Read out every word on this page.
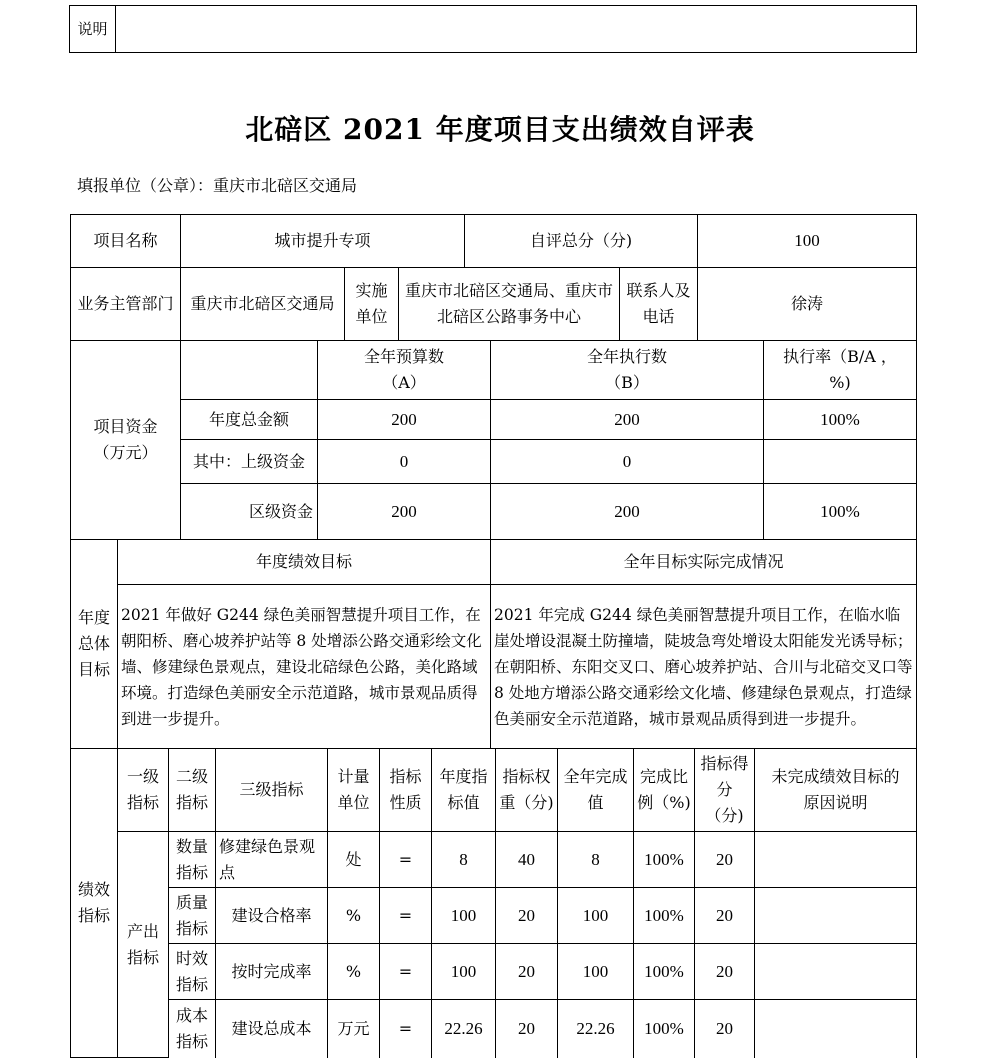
说明	
北碚区 2021 年度项目支出绩效自评表
填报单位（公章）：重庆市北碚区交通局
项目名称	城市提升专项			自评总分（分)		100
业务主管部门	重庆市北碚区交通局	实施单位	重庆市北碚区交通局、重庆市北碚区公路事务中心		联系人及电话	徐涛
项目资金（万元）		全年预算数（A）	全年执行数（B）	执行率（B/A ， %)
	年度总金额	200	200	100%
	其中：上级资金	0	0	
	区级资金	200	200	100%
年度总体目标	年度绩效目标	全年目标实际完成情况
	2021 年做好 G244 绿色美丽智慧提升项目工作，在朝阳桥、磨心坡养护站等 8 处增添公路交通彩绘文化墙、修建绿色景观点，建设北碚绿色公路，美化路域环境。打造绿色美丽安全示范道路，城市景观品质得到进一步提升。	2021 年完成 G244 绿色美丽智慧提升项目工作，在临水临崖处增设混凝土防撞墙，陡坡急弯处增设太阳能发光诱导标；在朝阳桥、东阳交叉口、磨心坡养护站、合川与北碚交叉口等 8 处地方增添公路交通彩绘文化墙、修建绿色景观点，打造绿色美丽安全示范道路，城市景观品质得到进一步提升。
绩效指标	一级指标	二级指标	三级指标	计量单位	指标性质	年度指标值	指标权重（分)	全年完成值	完成比例（%)	指标得分（分)	未完成绩效目标的原因说明
	产出指标	数量指标	修建绿色景观点	处	=	8	40	8	100%	20	
		质量指标	建设合格率	%	=	100	20	100	100%	20	
		时效指标	按时完成率	%	=	100	20	100	100%	20	
		成本指标	建设总成本	万元	=	22.26	20	22.26	100%	20	
